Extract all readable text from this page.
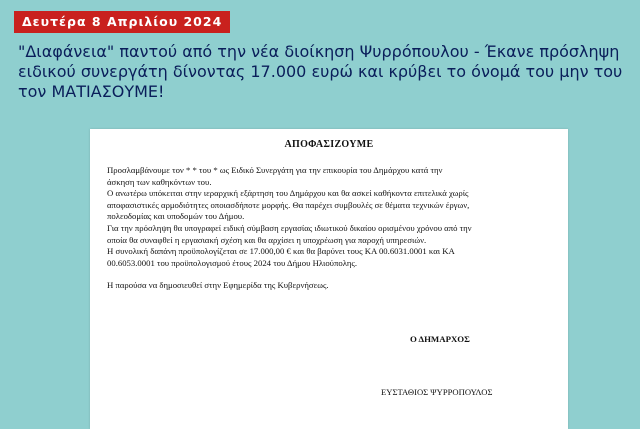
Δευτέρα 8 Απριλίου 2024
"Διαφάνεια" παντού από την νέα διοίκηση Ψυρρόπουλου - Έκανε πρόσληψη ειδικού συνεργάτη δίνοντας 17.000 ευρώ και κρύβει το όνομά του μην του τον ΜΑΤΙΑΣΟΥΜΕ!
ΑΠΟΦΑΣΙΖΟΥΜΕ
Προσλαμβάνουμε τον * * του * ως Ειδικό Συνεργάτη για την επικουρία του Δημάρχου κατά την
άσκηση των καθηκόντων του.
Ο ανωτέρω υπόκειται στην ιεραρχική εξάρτηση του Δημάρχου και θα ασκεί καθήκοντα επιτελικά χωρίς
αποφασιστικές αρμοδιότητες οποιασδήποτε μορφής. Θα παρέχει συμβουλές σε θέματα τεχνικών έργων,
πολεοδομίας και υποδομών του Δήμου.
Για την πρόσληψη θα υπογραφεί ειδική σύμβαση εργασίας ιδιωτικού δικαίου ορισμένου χρόνου από την
οποία θα συναφθεί η εργασιακή σχέση και θα αρχίσει η υποχρέωση για παροχή υπηρεσιών.
Η συνολική δαπάνη προϋπολογίζεται σε 17.000,00 € και θα βαρύνει τους ΚΑ 00.6031.0001 και ΚΑ
00.6053.0001 του προϋπολογισμού έτους 2024 του Δήμου Ηλιούπολης.
Η παρούσα να δημοσιευθεί στην Εφημερίδα της Κυβερνήσεως.
Ο ΔΗΜΑΡΧΟΣ
ΕΥΣΤΑΘΙΟΣ ΨΥΡΡΟΠΟΥΛΟΣ
